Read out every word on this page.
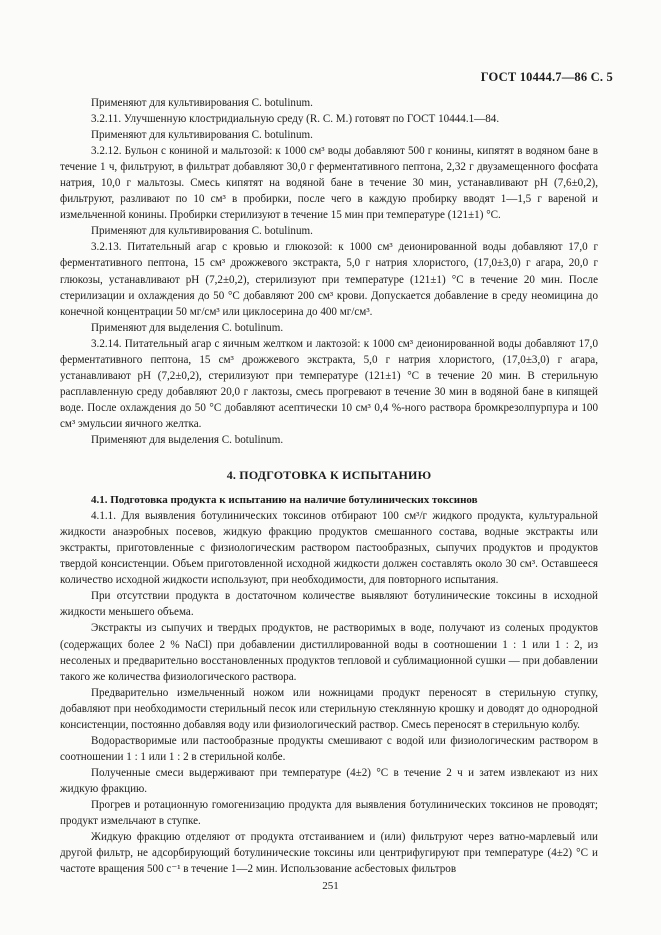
ГОСТ 10444.7—86 С. 5

Применяют для культивирования C. botulinum.

3.2.11. Улучшенную клостридиальную среду (R. C. M.) готовят по ГОСТ 10444.1—84.

Применяют для культивирования C. botulinum.

3.2.12. Бульон с кониной и мальтозой: к 1000 см³ воды добавляют 500 г конины, кипятят в водяном бане в течение 1 ч, фильтруют, в фильтрат добавляют 30,0 г ферментативного пептона, 2,32 г двузамещенного фосфата натрия, 10,0 г мальтозы. Смесь кипятят на водяной бане в течение 30 мин, устанавливают pH (7,6±0,2), фильтруют, разливают по 10 см³ в пробирки, после чего в каждую пробирку вводят 1—1,5 г вареной и измельченной конины. Пробирки стерилизуют в течение 15 мин при температуре (121±1) °С.

Применяют для культивирования C. botulinum.

3.2.13. Питательный агар с кровью и глюкозой: к 1000 см³ деионированной воды добавляют 17,0 г ферментативного пептона, 15 см³ дрожжевого экстракта, 5,0 г натрия хлористого, (17,0±3,0) г агара, 20,0 г глюкозы, устанавливают pH (7,2±0,2), стерилизуют при температуре (121±1) °С в течение 20 мин. После стерилизации и охлаждения до 50 °С добавляют 200 см³ крови. Допускается добавление в среду неомицина до конечной концентрации 50 мг/см³ или циклосерина до 400 мг/см³.

Применяют для выделения C. botulinum.

3.2.14. Питательный агар с яичным желтком и лактозой: к 1000 см³ деионированной воды добавляют 17,0 ферментативного пептона, 15 см³ дрожжевого экстракта, 5,0 г натрия хлористого, (17,0±3,0) г агара, устанавливают pH (7,2±0,2), стерилизуют при температуре (121±1) °С в течение 20 мин. В стерильную расплавленную среду добавляют 20,0 г лактозы, смесь прогревают в течение 30 мин в водяной бане в кипящей воде. После охлаждения до 50 °С добавляют асептически 10 см³ 0,4 %-ного раствора бромкрезолпурпура и 100 см³ эмульсии яичного желтка.

Применяют для выделения C. botulinum.

4. ПОДГОТОВКА К ИСПЫТАНИЮ

4.1. Подготовка продукта к испытанию на наличие ботулинических токсинов

4.1.1. Для выявления ботулинических токсинов отбирают 100 см³/г жидкого продукта, культуральной жидкости анаэробных посевов, жидкую фракцию продуктов смешанного состава, водные экстракты или экстракты, приготовленные с физиологическим раствором пастообразных, сыпучих продуктов и продуктов твердой консистенции. Объем приготовленной исходной жидкости должен составлять около 30 см³. Оставшееся количество исходной жидкости используют, при необходимости, для повторного испытания.

При отсутствии продукта в достаточном количестве выявляют ботулинические токсины в исходной жидкости меньшего объема.

Экстракты из сыпучих и твердых продуктов, не растворимых в воде, получают из соленых продуктов (содержащих более 2 % NaCl) при добавлении дистиллированной воды в соотношении 1 : 1 или 1 : 2, из несоленых и предварительно восстановленных продуктов тепловой и сублимационной сушки — при добавлении такого же количества физиологического раствора.

Предварительно измельченный ножом или ножницами продукт переносят в стерильную ступку, добавляют при необходимости стерильный песок или стерильную стеклянную крошку и доводят до однородной консистенции, постоянно добавляя воду или физиологический раствор. Смесь переносят в стерильную колбу.

Водорастворимые или пастообразные продукты смешивают с водой или физиологическим раствором в соотношении 1 : 1 или 1 : 2 в стерильной колбе.

Полученные смеси выдерживают при температуре (4±2) °С в течение 2 ч и затем извлекают из них жидкую фракцию.

Прогрев и ротационную гомогенизацию продукта для выявления ботулинических токсинов не проводят; продукт измельчают в ступке.

Жидкую фракцию отделяют от продукта отстаиванием и (или) фильтруют через ватно-марлевый или другой фильтр, не адсорбирующий ботулинические токсины или центрифугируют при температуре (4±2) °С и частоте вращения 500 с⁻¹ в течение 1—2 мин. Использование асбестовых фильтров

251
